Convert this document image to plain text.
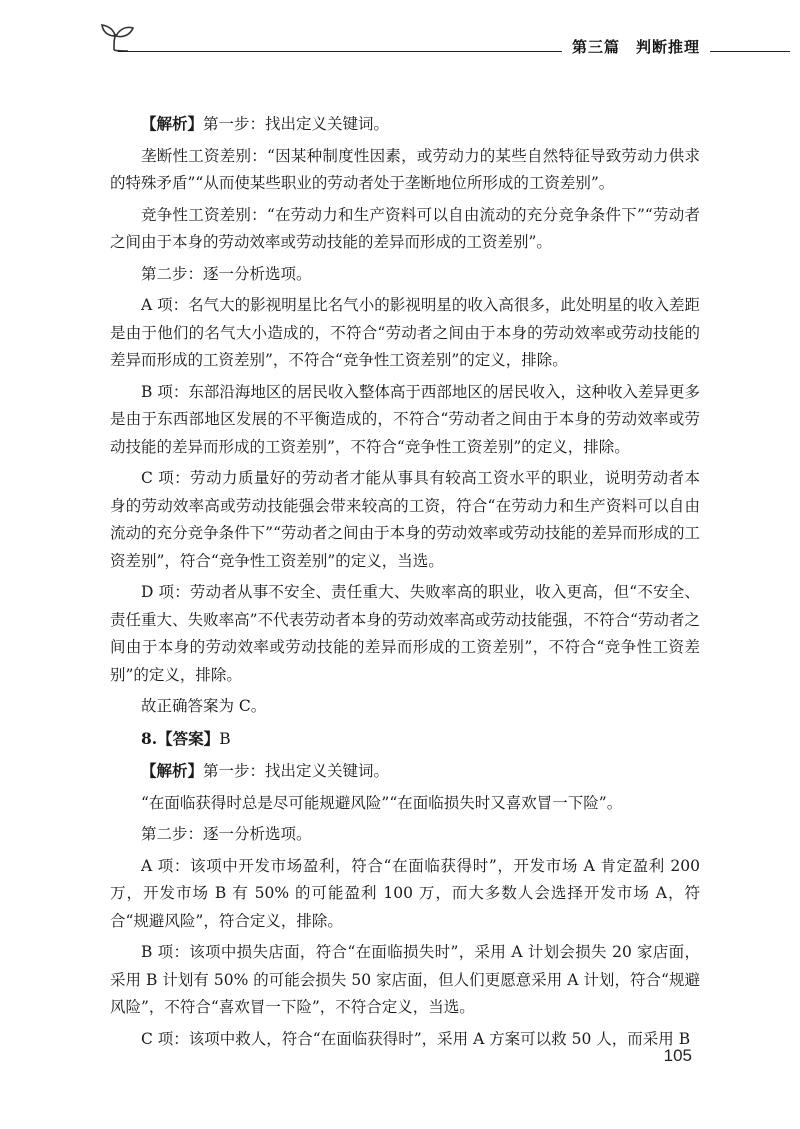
第三篇　判断推理

【解析】第一步：找出定义关键词。

垄断性工资差别：“因某种制度性因素，或劳动力的某些自然特征导致劳动力供求的特殊矛盾”“从而使某些职业的劳动者处于垄断地位所形成的工资差别”。

竞争性工资差别：“在劳动力和生产资料可以自由流动的充分竞争条件下”“劳动者之间由于本身的劳动效率或劳动技能的差异而形成的工资差别”。

第二步：逐一分析选项。

A 项：名气大的影视明星比名气小的影视明星的收入高很多，此处明星的收入差距是由于他们的名气大小造成的，不符合“劳动者之间由于本身的劳动效率或劳动技能的差异而形成的工资差别”，不符合“竞争性工资差别”的定义，排除。

B 项：东部沿海地区的居民收入整体高于西部地区的居民收入，这种收入差异更多是由于东西部地区发展的不平衡造成的，不符合“劳动者之间由于本身的劳动效率或劳动技能的差异而形成的工资差别”，不符合“竞争性工资差别”的定义，排除。

C 项：劳动力质量好的劳动者才能从事具有较高工资水平的职业，说明劳动者本身的劳动效率高或劳动技能强会带来较高的工资，符合“在劳动力和生产资料可以自由流动的充分竞争条件下”“劳动者之间由于本身的劳动效率或劳动技能的差异而形成的工资差别”，符合“竞争性工资差别”的定义，当选。

D 项：劳动者从事不安全、责任重大、失败率高的职业，收入更高，但“不安全、责任重大、失败率高”不代表劳动者本身的劳动效率高或劳动技能强，不符合“劳动者之间由于本身的劳动效率或劳动技能的差异而形成的工资差别”，不符合“竞争性工资差别”的定义，排除。

故正确答案为 C。

8.【答案】B

【解析】第一步：找出定义关键词。

“在面临获得时总是尽可能规避风险”“在面临损失时又喜欢冒一下险”。

第二步：逐一分析选项。

A 项：该项中开发市场盈利，符合“在面临获得时”，开发市场 A 肯定盈利 200 万，开发市场 B 有 50% 的可能盈利 100 万，而大多数人会选择开发市场 A，符合“规避风险”，符合定义，排除。

B 项：该项中损失店面，符合“在面临损失时”，采用 A 计划会损失 20 家店面，采用 B 计划有 50% 的可能会损失 50 家店面，但人们更愿意采用 A 计划，符合“规避风险”，不符合“喜欢冒一下险”，不符合定义，当选。

C 项：该项中救人，符合“在面临获得时”，采用 A 方案可以救 50 人，而采用 B

105
